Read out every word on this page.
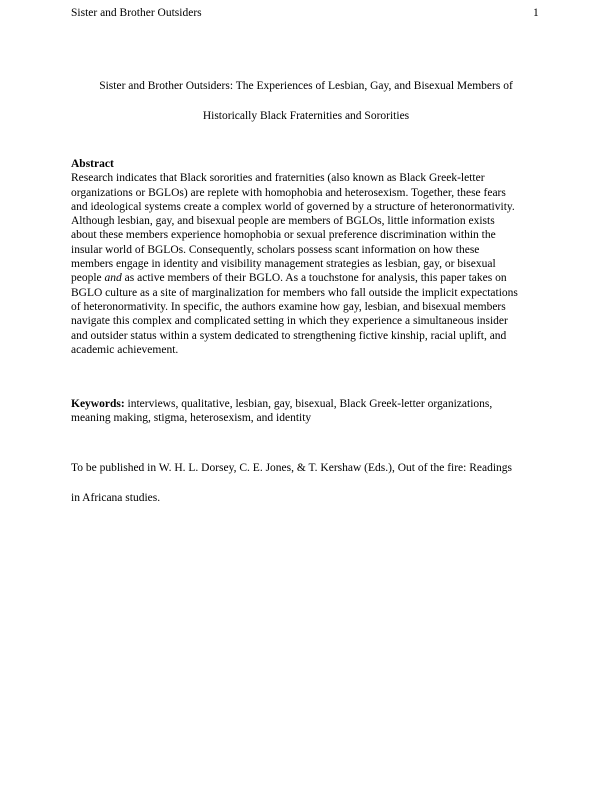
Sister and Brother Outsiders	1
Sister and Brother Outsiders: The Experiences of Lesbian, Gay, and Bisexual Members of
Historically Black Fraternities and Sororities
Abstract
Research indicates that Black sororities and fraternities (also known as Black Greek-letter
organizations or BGLOs) are replete with homophobia and heterosexism. Together, these fears
and ideological systems create a complex world of governed by a structure of heteronormativity.
Although lesbian, gay, and bisexual people are members of BGLOs, little information exists
about these members experience homophobia or sexual preference discrimination within the
insular world of BGLOs. Consequently, scholars possess scant information on how these
members engage in identity and visibility management strategies as lesbian, gay, or bisexual
people and as active members of their BGLO. As a touchstone for analysis, this paper takes on
BGLO culture as a site of marginalization for members who fall outside the implicit expectations
of heteronormativity. In specific, the authors examine how gay, lesbian, and bisexual members
navigate this complex and complicated setting in which they experience a simultaneous insider
and outsider status within a system dedicated to strengthening fictive kinship, racial uplift, and
academic achievement.
Keywords: interviews, qualitative, lesbian, gay, bisexual, Black Greek-letter organizations,
meaning making, stigma, heterosexism, and identity
To be published in W. H. L. Dorsey, C. E. Jones, & T. Kershaw (Eds.), Out of the fire: Readings
in Africana studies.
